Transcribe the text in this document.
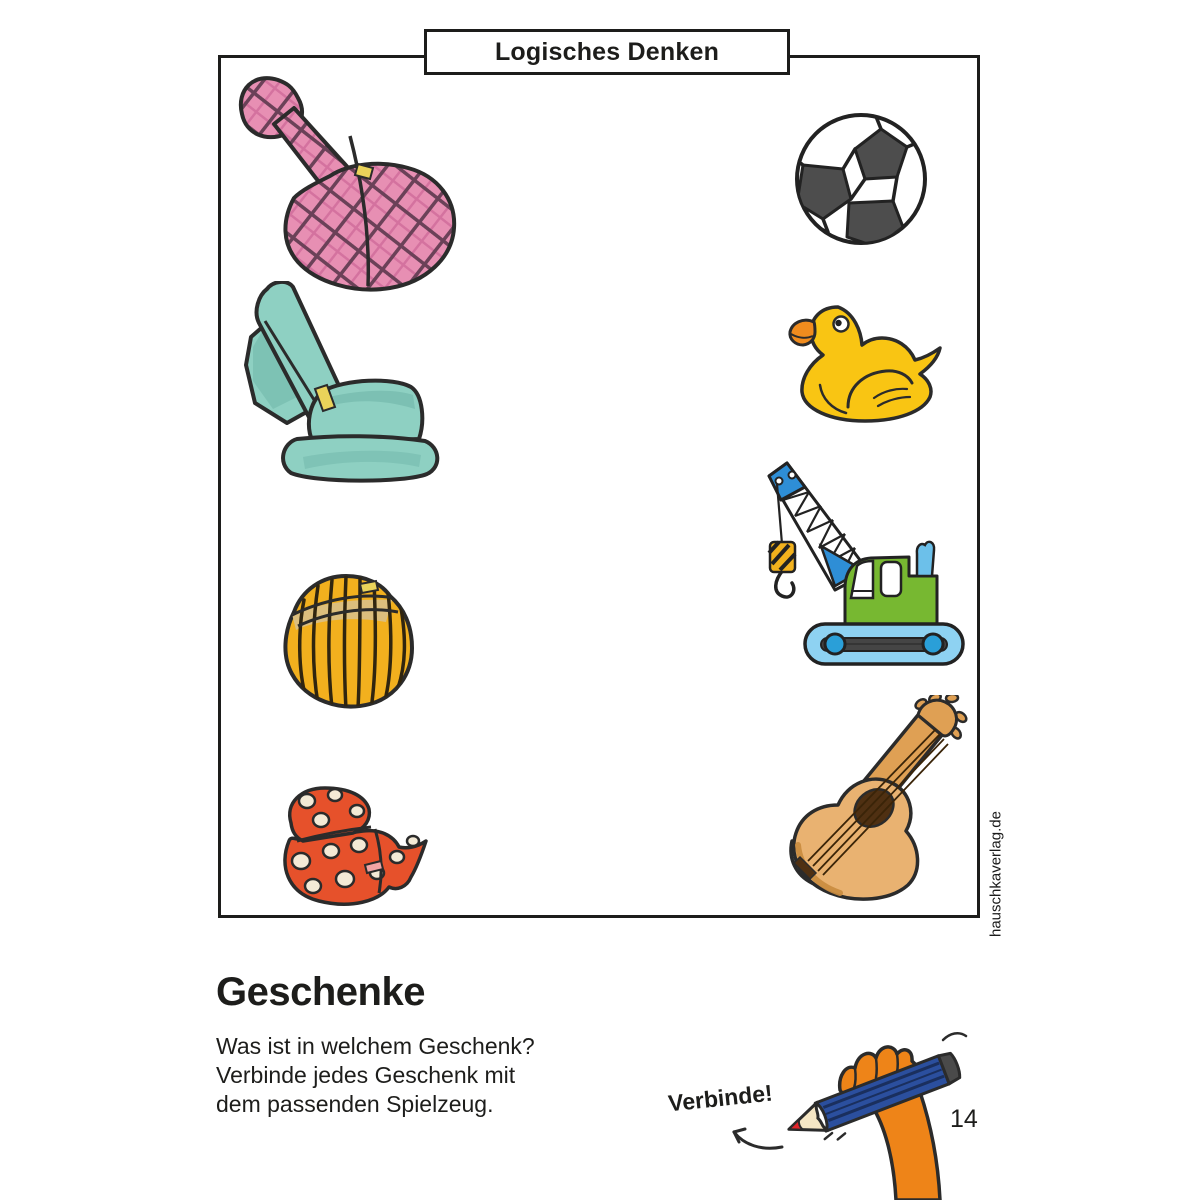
Logisches Denken
hauschkaverlag.de
Geschenke
Was ist in welchem Geschenk?
Verbinde jedes Geschenk mit
dem passenden Spielzeug.	Verbinde!
14
